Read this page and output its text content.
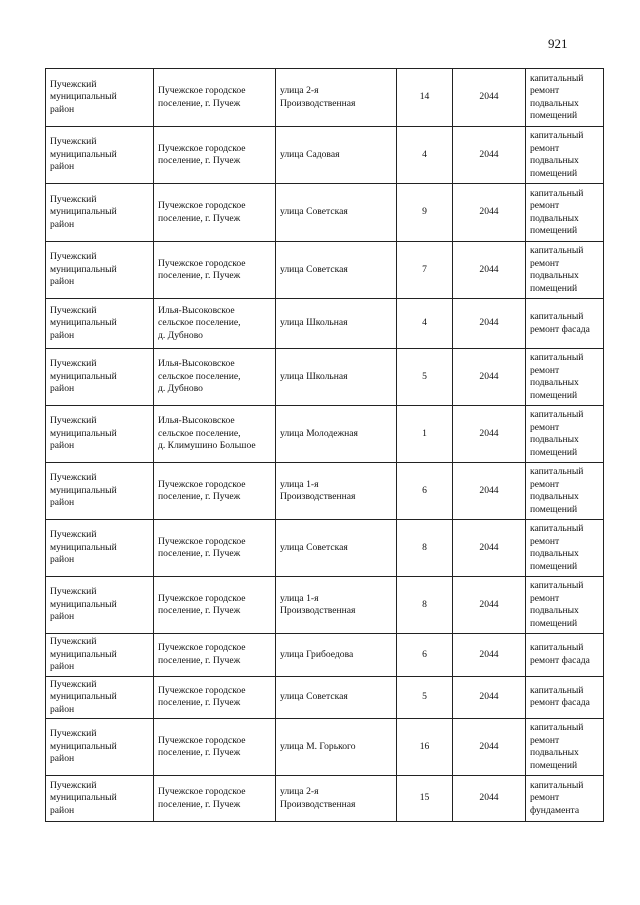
921
Пучежский
муниципальный
район	Пучежское городское
поселение, г. Пучеж	улица 2-я
Производственная	14	2044	капитальный
ремонт
подвальных
помещений
Пучежский
муниципальный
район	Пучежское городское
поселение, г. Пучеж	улица Садовая	4	2044	капитальный
ремонт
подвальных
помещений
Пучежский
муниципальный
район	Пучежское городское
поселение, г. Пучеж	улица Советская	9	2044	капитальный
ремонт
подвальных
помещений
Пучежский
муниципальный
район	Пучежское городское
поселение, г. Пучеж	улица Советская	7	2044	капитальный
ремонт
подвальных
помещений
Пучежский
муниципальный
район	Илья-Высоковское
сельское поселение,
д. Дубново	улица Школьная	4	2044	капитальный
ремонт фасада
Пучежский
муниципальный
район	Илья-Высоковское
сельское поселение,
д. Дубново	улица Школьная	5	2044	капитальный
ремонт
подвальных
помещений
Пучежский
муниципальный
район	Илья-Высоковское
сельское поселение,
д. Климушино Большое	улица Молодежная	1	2044	капитальный
ремонт
подвальных
помещений
Пучежский
муниципальный
район	Пучежское городское
поселение, г. Пучеж	улица 1-я
Производственная	6	2044	капитальный
ремонт
подвальных
помещений
Пучежский
муниципальный
район	Пучежское городское
поселение, г. Пучеж	улица Советская	8	2044	капитальный
ремонт
подвальных
помещений
Пучежский
муниципальный
район	Пучежское городское
поселение, г. Пучеж	улица 1-я
Производственная	8	2044	капитальный
ремонт
подвальных
помещений
Пучежский
муниципальный
район	Пучежское городское
поселение, г. Пучеж	улица Грибоедова	6	2044	капитальный
ремонт фасада
Пучежский
муниципальный
район	Пучежское городское
поселение, г. Пучеж	улица Советская	5	2044	капитальный
ремонт фасада
Пучежский
муниципальный
район	Пучежское городское
поселение, г. Пучеж	улица М. Горького	16	2044	капитальный
ремонт
подвальных
помещений
Пучежский
муниципальный
район	Пучежское городское
поселение, г. Пучеж	улица 2-я
Производственная	15	2044	капитальный
ремонт
фундамента
